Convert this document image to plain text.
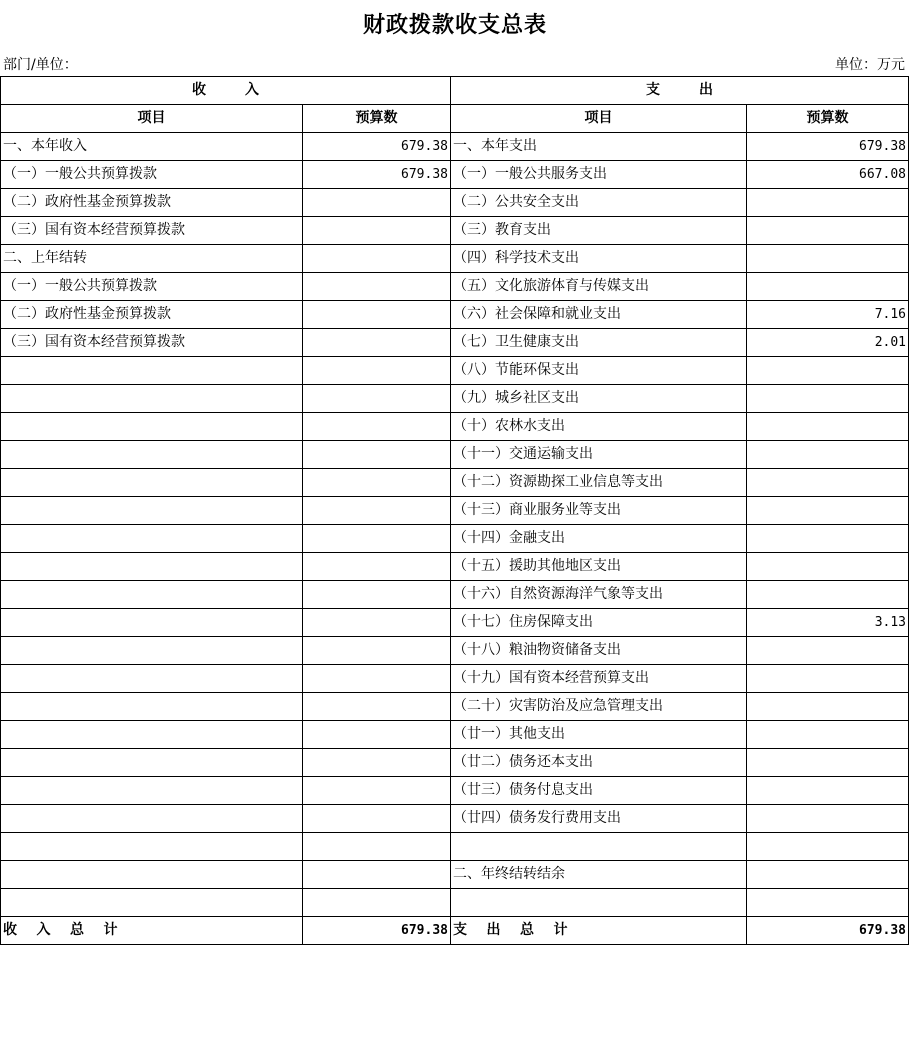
财政拨款收支总表
部门/单位：	单位：万元
收        入		支        出	
项目	预算数	项目	预算数
一、本年收入	679.38	一、本年支出	679.38
（一）一般公共预算拨款	679.38	（一）一般公共服务支出	667.08
（二）政府性基金预算拨款		（二）公共安全支出	
（三）国有资本经营预算拨款		（三）教育支出	
二、上年结转		（四）科学技术支出	
（一）一般公共预算拨款		（五）文化旅游体育与传媒支出	
（二）政府性基金预算拨款		（六）社会保障和就业支出	7.16
（三）国有资本经营预算拨款		（七）卫生健康支出	2.01
		（八）节能环保支出	
		（九）城乡社区支出	
		（十）农林水支出	
		（十一）交通运输支出	
		（十二）资源勘探工业信息等支出	
		（十三）商业服务业等支出	
		（十四）金融支出	
		（十五）援助其他地区支出	
		（十六）自然资源海洋气象等支出	
		（十七）住房保障支出	3.13
		（十八）粮油物资储备支出	
		（十九）国有资本经营预算支出	
		（二十）灾害防治及应急管理支出	
		（廿一）其他支出	
		（廿二）债务还本支出	
		（廿三）债务付息支出	
		（廿四）债务发行费用支出	

		二、年终结转结余	

收    入    总    计	679.38	支    出    总    计	679.38
